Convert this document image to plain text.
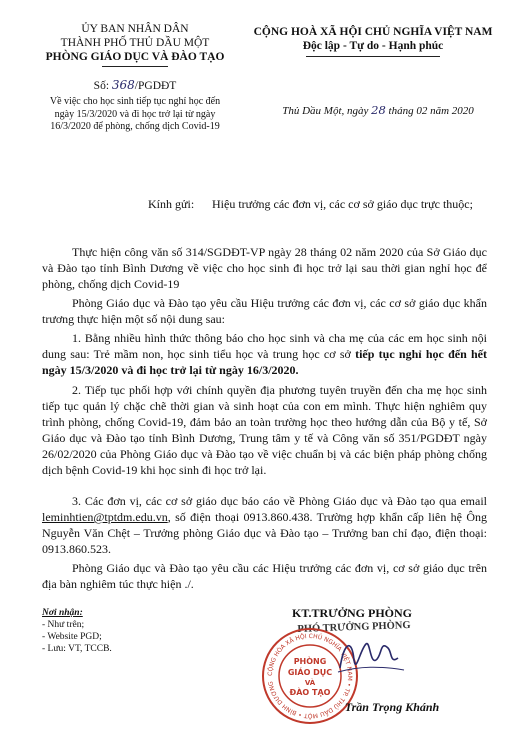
ỦY BAN NHÂN DÂN
THÀNH PHỐ THỦ DẦU MỘT
PHÒNG GIÁO DỤC VÀ ĐÀO TẠO
Số: 368/PGDĐT
Về việc cho học sinh tiếp tục nghỉ học đến ngày 15/3/2020 và đi học trở lại từ ngày 16/3/2020 để phòng, chống dịch Covid-19
CỘNG HOÀ XÃ HỘI CHỦ NGHĨA VIỆT NAM
Độc lập - Tự do - Hạnh phúc
Thủ Dầu Một, ngày 28 tháng 02 năm 2020
Kính gửi:	Hiệu trưởng các đơn vị, các cơ sở giáo dục trực thuộc;

Thực hiện công văn số 314/SGDĐT-VP ngày 28 tháng 02 năm 2020 của Sở Giáo dục và Đào tạo tỉnh Bình Dương về việc cho học sinh đi học trở lại sau thời gian nghỉ học để phòng, chống dịch Covid-19

Phòng Giáo dục và Đào tạo yêu cầu Hiệu trưởng các đơn vị, các cơ sở giáo dục khẩn trương thực hiện một số nội dung sau:

1. Bằng nhiều hình thức thông báo cho học sinh và cha mẹ của các em học sinh nội dung sau: Trẻ mầm non, học sinh tiểu học và trung học cơ sở tiếp tục nghỉ học đến hết ngày 15/3/2020 và đi học trở lại từ ngày 16/3/2020.

2. Tiếp tục phối hợp với chính quyền địa phương tuyên truyền đến cha mẹ học sinh tiếp tục quản lý chặc chẽ thời gian và sinh hoạt của con em mình. Thực hiện nghiêm quy trình phòng, chống Covid-19, đảm bảo an toàn trường học theo hướng dẫn của Bộ y tế, Sở Giáo dục và Đào tạo tỉnh Bình Dương, Trung tâm y tế và Công văn số 351/PGDĐT ngày 26/02/2020 của Phòng Giáo dục và Đào tạo về việc chuẩn bị và các biện pháp phòng chống dịch bệnh Covid-19 khi học sinh đi học trở lại.

3. Các đơn vị, các cơ sở giáo dục báo cáo về Phòng Giáo dục và Đào tạo qua email leminhtien@tptdm.edu.vn, số điện thoại 0913.860.438. Trường hợp khẩn cấp liên hệ Ông Nguyễn Văn Chệt – Trưởng phòng Giáo dục và Đào tạo – Trưởng ban chỉ đạo, điện thoại: 0913.860.523.

Phòng Giáo dục và Đào tạo yêu cầu các Hiệu trưởng các đơn vị, cơ sở giáo dục trên địa bàn nghiêm túc thực hiện ./.

Nơi nhận:
- Như trên;
- Website PGD;
- Lưu: VT, TCCB.
KT.TRƯỞNG PHÒNG
PHÓ TRƯỞNG PHÒNG
CỘNG HÒA XÃ HỘI CHỦ NGHĨA VIỆT NAM • TP. THỦ DẦU MỘT • BÌNH DƯƠNG
PHÒNG
GIÁO DỤC
VÀ
ĐÀO TẠO
Trần Trọng Khánh
